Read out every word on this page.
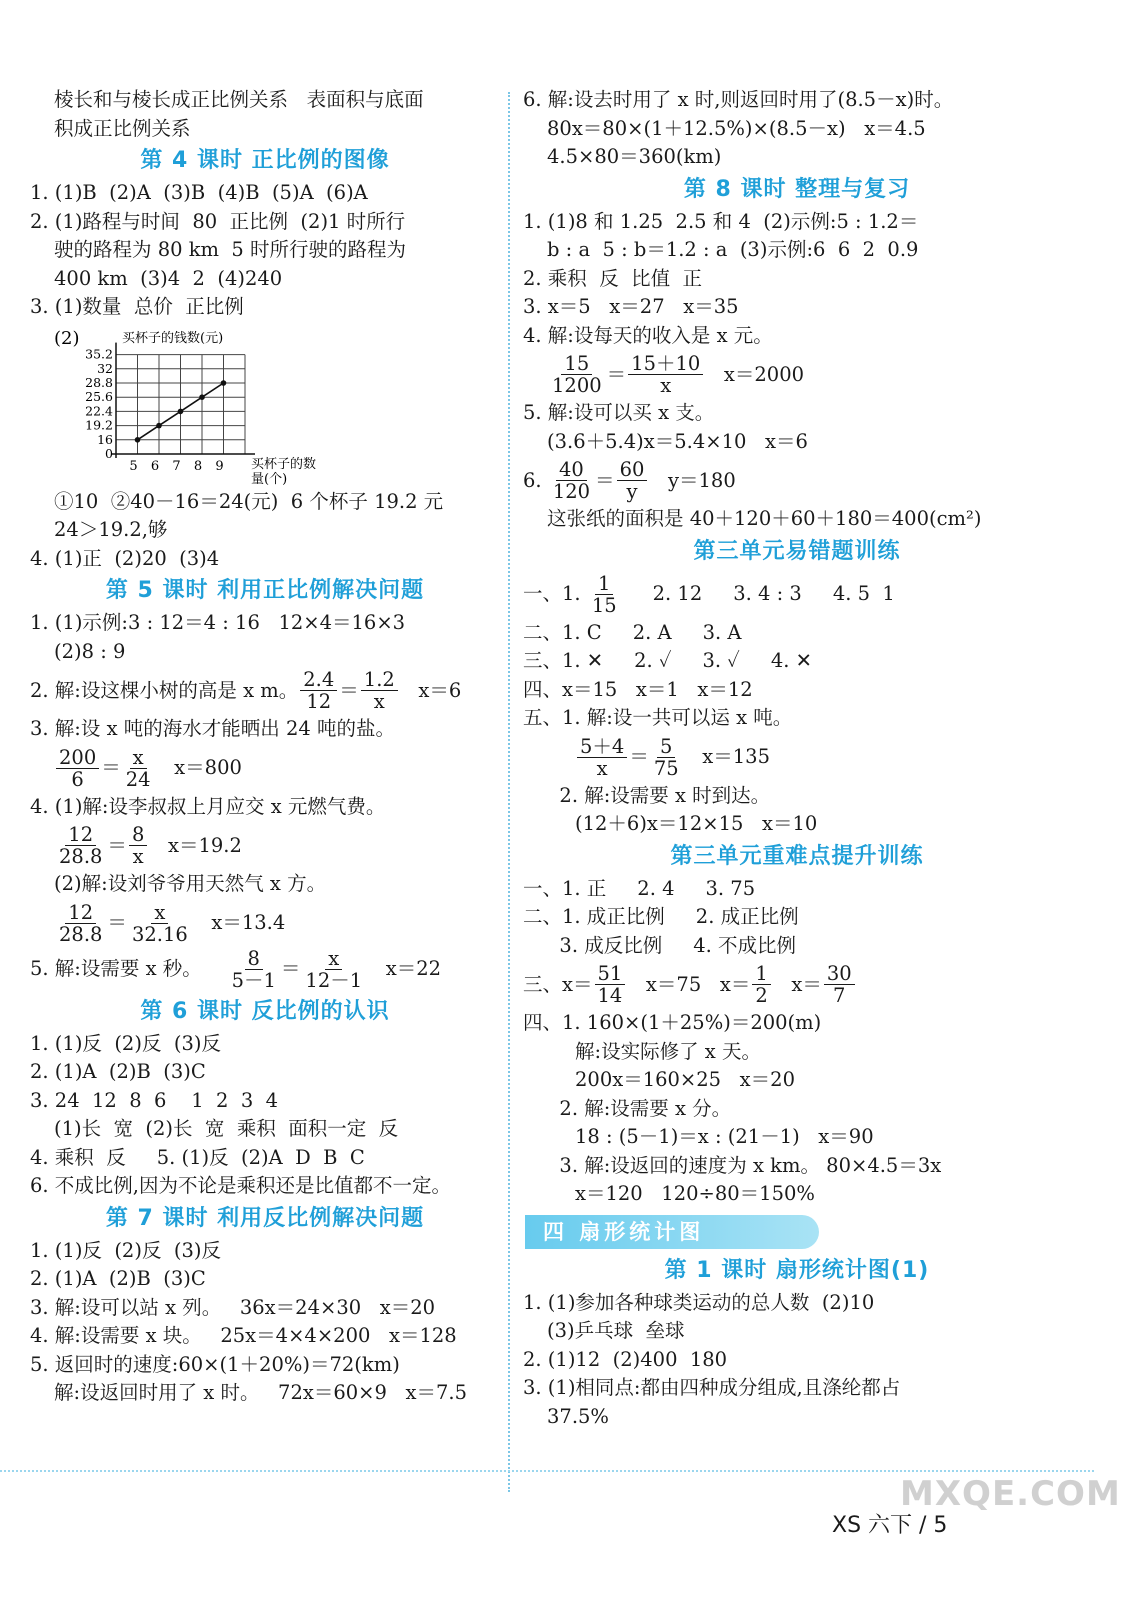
棱长和与棱长成正比例关系   表面积与底面
积成正比例关系
第 4 课时 正比例的图像
1. (1)B  (2)A  (3)B  (4)B  (5)A  (6)A
2. (1)路程与时间  80  正比例  (2)1 时所行
驶的路程为 80 km  5 时所行驶的路程为
400 km  (3)4  2  (4)240
3. (1)数量  总价  正比例
(2)	买杯子的钱数(元)
35.2
32
28.8
25.6
22.4
19.2
16
0
5 6 7 8 9 买杯子的数
量(个)
①10  ②40－16＝24(元)  6 个杯子 19.2 元
24＞19.2,够
4. (1)正  (2)20  (3)4
第 5 课时 利用正比例解决问题
1. (1)示例:3 : 12＝4 : 16   12×4＝16×3
(2)8 : 9
2. 解:设这棵小树的高是 x m。 $\frac{2.4}{12} = \frac{1.2}{x} x=6$
3. 解:设 x 吨的海水才能晒出 24 吨的盐。
$\frac{200}{6} = \frac{x}{24} x=800$
4. (1)解:设李叔叔上月应交 x 元燃气费。
$\frac{12}{28.8} = \frac{8}{x} x=19.2$
(2)解:设刘爷爷用天然气 x 方。
$\frac{12}{28.8} = \frac{x}{32.16} x=13.4$
5. 解:设需要 x 秒。 $\frac{8}{5-1} = \frac{x}{12-1} x=22$
第 6 课时 反比例的认识
1. (1)反  (2)反  (3)反
2. (1)A  (2)B  (3)C
3. 24  12  8  6    1  2  3  4
(1)长  宽  (2)长  宽  乘积  面积一定  反
4. 乘积  反     5. (1)反  (2)A  D  B  C
6. 不成比例,因为不论是乘积还是比值都不一定。
第 7 课时 利用反比例解决问题
1. (1)反  (2)反  (3)反
2. (1)A  (2)B  (3)C
3. 解:设可以站 x 列。   36x＝24×30   x＝20
4. 解:设需要 x 块。   25x＝4×4×200   x＝128
5. 返回时的速度:60×(1＋20%)＝72(km)
解:设返回时用了 x 时。   72x＝60×9   x＝7.5
6. 解:设去时用了 x 时,则返回时用了(8.5－x)时。
80x＝80×(1＋12.5%)×(8.5－x)   x＝4.5
4.5×80＝360(km)
第 8 课时 整理与复习
1. (1)8 和 1.25  2.5 和 4  (2)示例:5 : 1.2＝
b : a  5 : b＝1.2 : a  (3)示例:6  6  2  0.9
2. 乘积  反  比值  正
3. x＝5   x＝27   x＝35
4. 解:设每天的收入是 x 元。
$\frac{15}{1200} = \frac{15+10}{x} x=2000$
5. 解:设可以买 x 支。
(3.6＋5.4)x＝5.4×10   x＝6
6. $\frac{40}{120} = \frac{60}{y} y=180$
这张纸的面积是 40＋120＋60＋180＝400(cm²)
第三单元易错题训练
一、1. $\frac{1}{15} 2$. 12     3. 4 : 3     4. 5  1
二、1. C     2. A     3. A
三、1. ✕     2. ✓     3. ✓     4. ✕
四、x＝15   x＝1   x＝12
五、1. 解:设一共可以运 x 吨。
$\frac{5+4}{x} = \frac{5}{75} x=135$
2. 解:设需要 x 时到达。
(12＋6)x＝12×15   x＝10
第三单元重难点提升训练
一、1. 正     2. 4     3. 75
二、1. 成正比例     2. 成正比例
3. 成反比例     4. 不成比例
三、$x= \frac{51}{14} x=75$   $x= \frac{1}{2} x= \frac{30}{7}$
四、1. 160×(1＋25%)＝200(m)
解:设实际修了 x 天。
200x＝160×25   x＝20
2. 解:设需要 x 分。
18 : (5－1)＝x : (21－1)   x＝90
3. 解:设返回的速度为 x km。 80×4.5＝3x
x＝120   120÷80＝150%
四 扇形统计图
第 1 课时 扇形统计图(1)
1. (1)参加各种球类运动的总人数  (2)10
(3)乒乓球  垒球
2. (1)12  (2)400  180
3. (1)相同点:都由四种成分组成,且涤纶都占
37.5%
XS 六下 / 5
MXQE.COM
